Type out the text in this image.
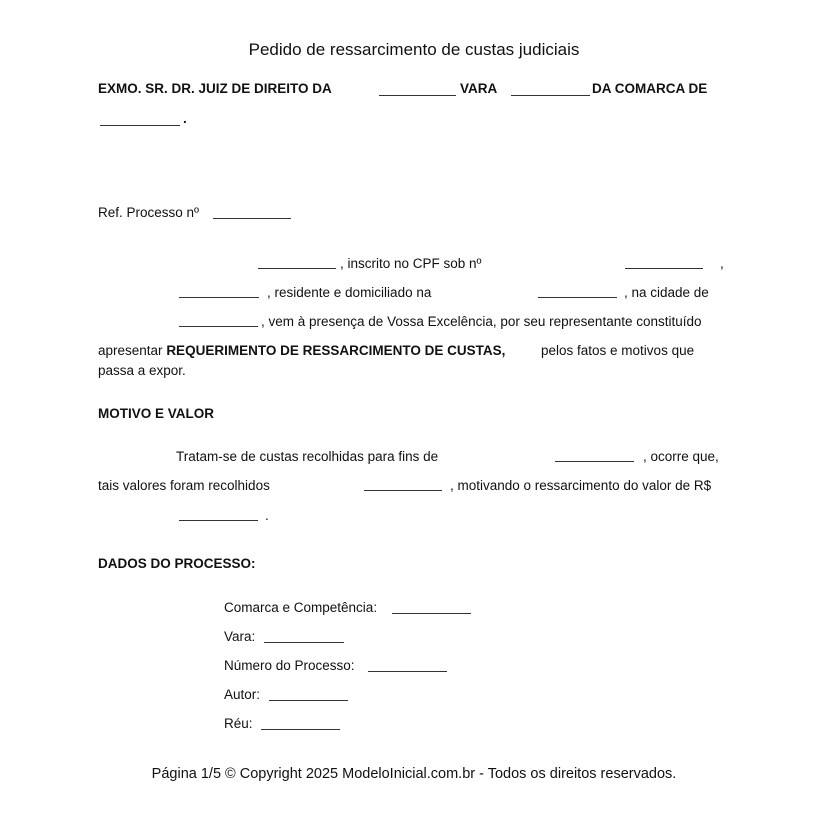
Pedido de ressarcimento de custas judiciais
EXMO. SR. DR. JUIZ DE DIREITO DA	VARA	DA COMARCA DE
.
Ref. Processo nº
, inscrito no CPF sob nº	,
, residente e domiciliado na	, na cidade de
, vem à presença de Vossa Excelência, por seu representante constituído
apresentar REQUERIMENTO DE RESSARCIMENTO DE CUSTAS,	pelos fatos e motivos que
passa a expor.
MOTIVO E VALOR
Tratam-se de custas recolhidas para fins de	, ocorre que,
tais valores foram recolhidos	, motivando o ressarcimento do valor de R$
.
DADOS DO PROCESSO:
Comarca e Competência:
Vara:
Número do Processo:
Autor:
Réu:
Página 1/5 © Copyright 2025 ModeloInicial.com.br - Todos os direitos reservados.
